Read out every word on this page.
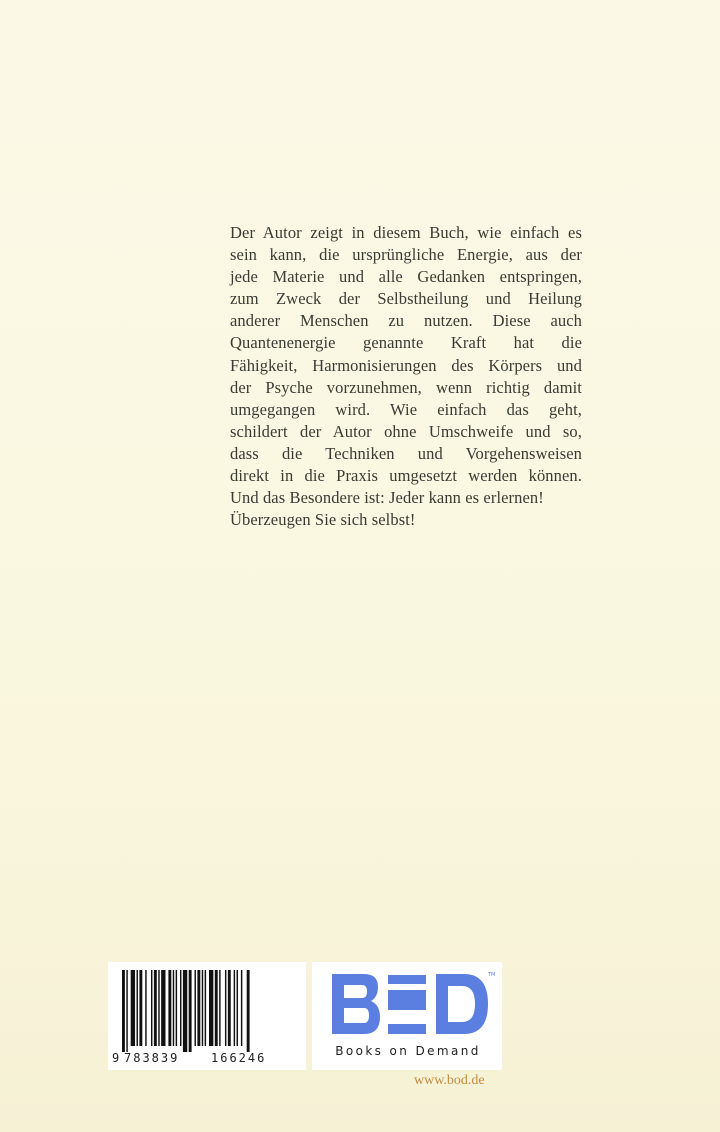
Der Autor zeigt in diesem Buch, wie einfach es
sein kann, die ursprüngliche Energie, aus der
jede Materie und alle Gedanken entspringen,
zum Zweck der Selbstheilung und Heilung
anderer Menschen zu nutzen. Diese auch
Quantenenergie genannte Kraft hat die
Fähigkeit, Harmonisierungen des Körpers und
der Psyche vorzunehmen, wenn richtig damit
umgegangen wird. Wie einfach das geht,
schildert der Autor ohne Umschweife und so,
dass die Techniken und Vorgehensweisen
direkt in die Praxis umgesetzt werden können.
Und das Besondere ist: Jeder kann es erlernen!
Überzeugen Sie sich selbst!
9 783839	166246
TM
Books on Demand
www.bod.de
